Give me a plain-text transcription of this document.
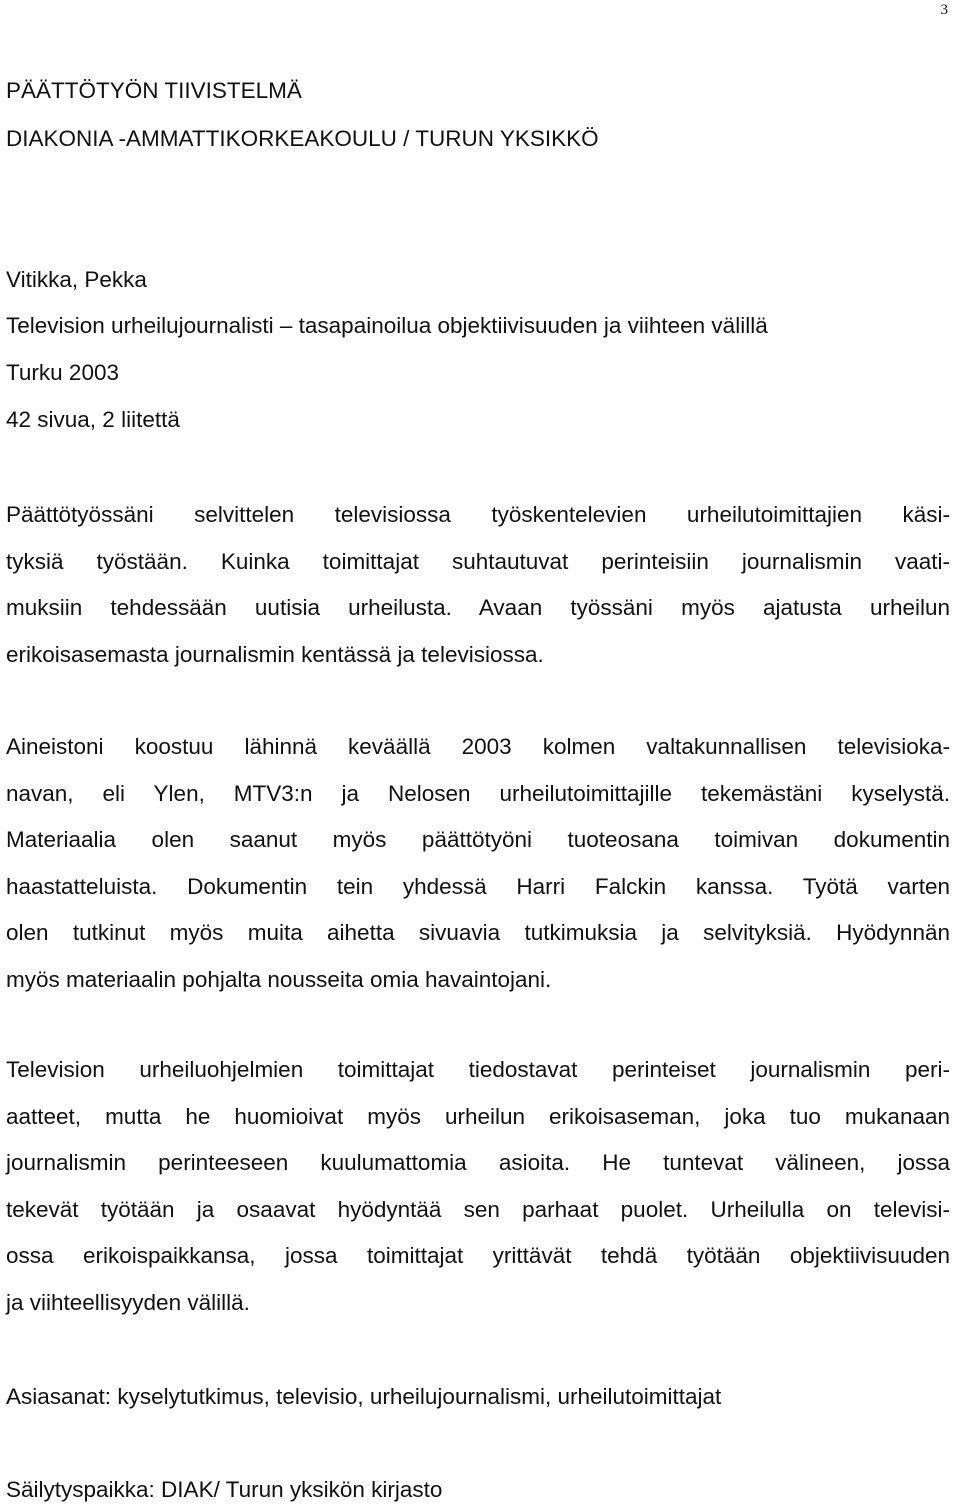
3
PÄÄTTÖTYÖN TIIVISTELMÄ
DIAKONIA -AMMATTIKORKEAKOULU / TURUN YKSIKKÖ
Vitikka, Pekka
Television urheilujournalisti – tasapainoilua objektiivisuuden ja viihteen välillä
Turku 2003
42 sivua, 2 liitettä
Päättötyössäni selvittelen televisiossa työskentelevien urheilutoimittajien käsi-
tyksiä työstään. Kuinka toimittajat suhtautuvat perinteisiin journalismin vaati-
muksiin tehdessään uutisia urheilusta. Avaan työssäni myös ajatusta urheilun
erikoisasemasta journalismin kentässä ja televisiossa.
Aineistoni koostuu lähinnä keväällä 2003 kolmen valtakunnallisen televisioka-
navan, eli Ylen, MTV3:n ja Nelosen urheilutoimittajille tekemästäni kyselystä.
Materiaalia olen saanut myös päättötyöni tuoteosana toimivan dokumentin
haastatteluista. Dokumentin tein yhdessä Harri Falckin kanssa. Työtä varten
olen tutkinut myös muita aihetta sivuavia tutkimuksia ja selvityksiä. Hyödynnän
myös materiaalin pohjalta nousseita omia havaintojani.
Television urheiluohjelmien toimittajat tiedostavat perinteiset journalismin peri-
aatteet, mutta he huomioivat myös urheilun erikoisaseman, joka tuo mukanaan
journalismin perinteeseen kuulumattomia asioita. He tuntevat välineen, jossa
tekevät työtään ja osaavat hyödyntää sen parhaat puolet. Urheilulla on televisi-
ossa erikoispaikkansa, jossa toimittajat yrittävät tehdä työtään objektiivisuuden
ja viihteellisyyden välillä.
Asiasanat: kyselytutkimus, televisio, urheilujournalismi, urheilutoimittajat
Säilytyspaikka: DIAK/ Turun yksikön kirjasto
